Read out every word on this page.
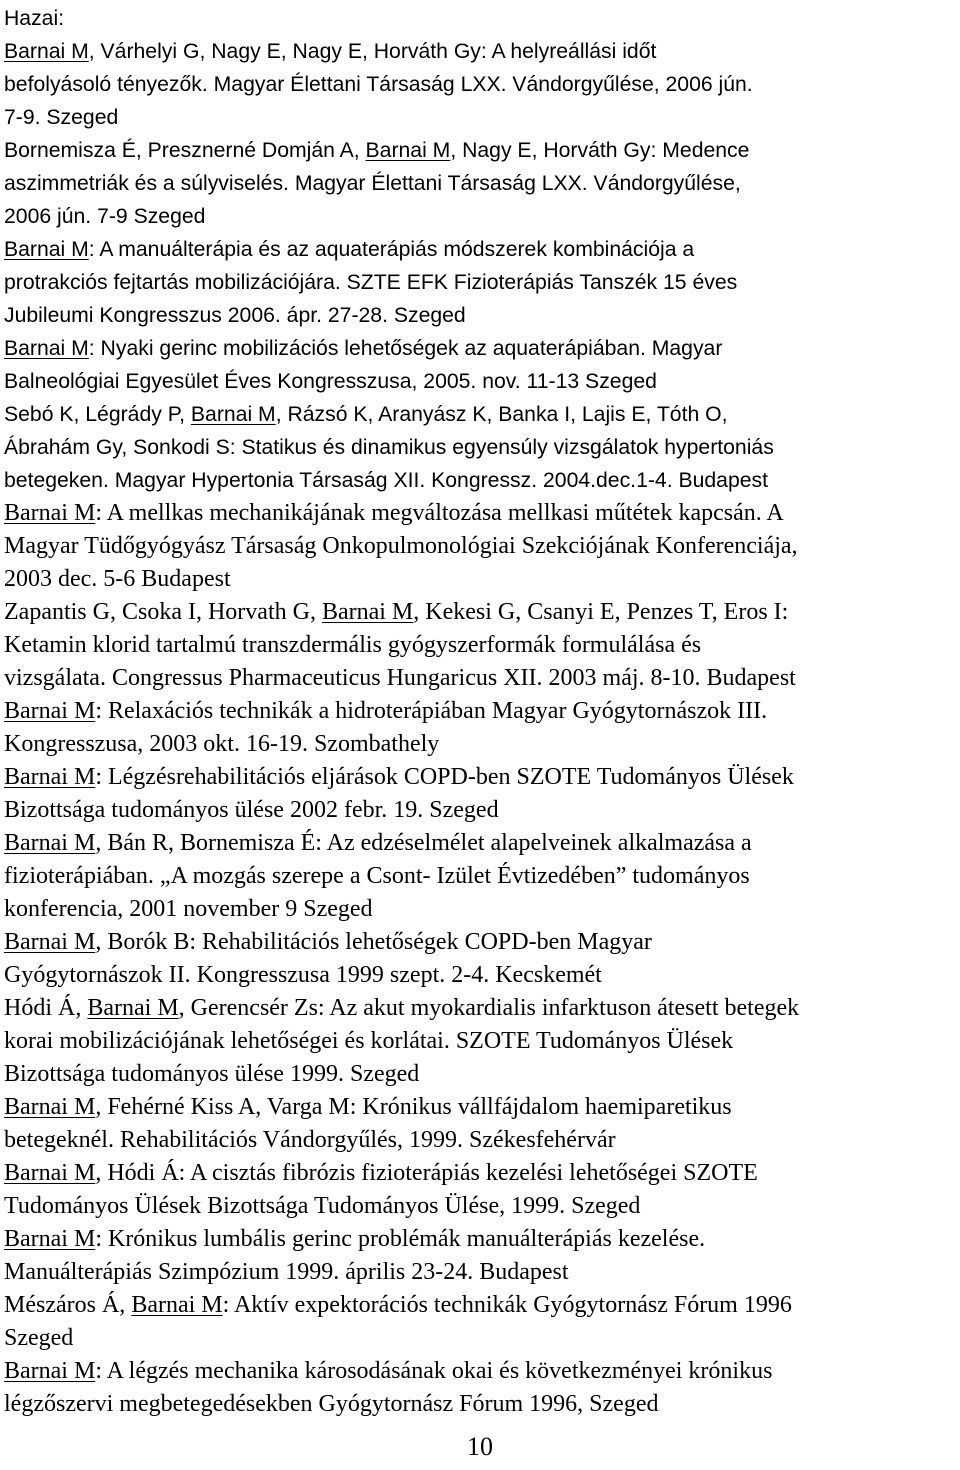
Hazai:
Barnai M, Várhelyi G, Nagy E, Nagy E, Horváth Gy: A helyreállási időt
befolyásoló tényezők. Magyar Élettani Társaság LXX. Vándorgyűlése, 2006 jún.
7-9. Szeged
Bornemisza É, Presznerné Domján A, Barnai M, Nagy E, Horváth Gy: Medence
aszimmetriák és a súlyviselés. Magyar Élettani Társaság LXX. Vándorgyűlése,
2006 jún. 7-9 Szeged
Barnai M: A manuálterápia és az aquaterápiás módszerek kombinációja a
protrakciós fejtartás mobilizációjára. SZTE EFK Fizioterápiás Tanszék 15 éves
Jubileumi Kongresszus 2006. ápr. 27-28. Szeged
Barnai M: Nyaki gerinc mobilizációs lehetőségek az aquaterápiában. Magyar
Balneológiai Egyesület Éves Kongresszusa, 2005. nov. 11-13 Szeged
Sebó K, Légrády P, Barnai M, Rázsó K, Aranyász K, Banka I, Lajis E, Tóth O,
Ábrahám Gy, Sonkodi S: Statikus és dinamikus egyensúly vizsgálatok hypertoniás
betegeken. Magyar Hypertonia Társaság XII. Kongressz. 2004.dec.1-4. Budapest
Barnai M: A mellkas mechanikájának megváltozása mellkasi műtétek kapcsán. A
Magyar Tüdőgyógyász Társaság Onkopulmonológiai Szekciójának Konferenciája,
2003 dec. 5-6 Budapest
Zapantis G, Csoka I, Horvath G, Barnai M, Kekesi G, Csanyi E, Penzes T, Eros I:
Ketamin klorid tartalmú transzdermális gyógyszerformák formulálása és
vizsgálata. Congressus Pharmaceuticus Hungaricus XII. 2003 máj. 8-10. Budapest
Barnai M: Relaxációs technikák a hidroterápiában Magyar Gyógytornászok III.
Kongresszusa, 2003 okt. 16-19. Szombathely
Barnai M: Légzésrehabilitációs eljárások COPD-ben SZOTE Tudományos Ülések
Bizottsága tudományos ülése 2002 febr. 19. Szeged
Barnai M, Bán R, Bornemisza É: Az edzéselmélet alapelveinek alkalmazása a
fizioterápiában. „A mozgás szerepe a Csont- Izület Évtizedében” tudományos
konferencia, 2001 november 9 Szeged
Barnai M, Borók B: Rehabilitációs lehetőségek COPD-ben Magyar
Gyógytornászok II. Kongresszusa 1999 szept. 2-4. Kecskemét
Hódi Á, Barnai M, Gerencsér Zs: Az akut myokardialis infarktuson átesett betegek
korai mobilizációjának lehetőségei és korlátai. SZOTE Tudományos Ülések
Bizottsága tudományos ülése 1999. Szeged
Barnai M, Fehérné Kiss A, Varga M: Krónikus vállfájdalom haemiparetikus
betegeknél. Rehabilitációs Vándorgyűlés, 1999. Székesfehérvár
Barnai M, Hódi Á: A cisztás fibrózis fizioterápiás kezelési lehetőségei SZOTE
Tudományos Ülések Bizottsága Tudományos Ülése, 1999. Szeged
Barnai M: Krónikus lumbális gerinc problémák manuálterápiás kezelése.
Manuálterápiás Szimpózium 1999. április 23-24. Budapest
Mészáros Á, Barnai M: Aktív expektorációs technikák Gyógytornász Fórum 1996
Szeged
Barnai M: A légzés mechanika károsodásának okai és következményei krónikus
légzőszervi megbetegedésekben Gyógytornász Fórum 1996, Szeged
10
